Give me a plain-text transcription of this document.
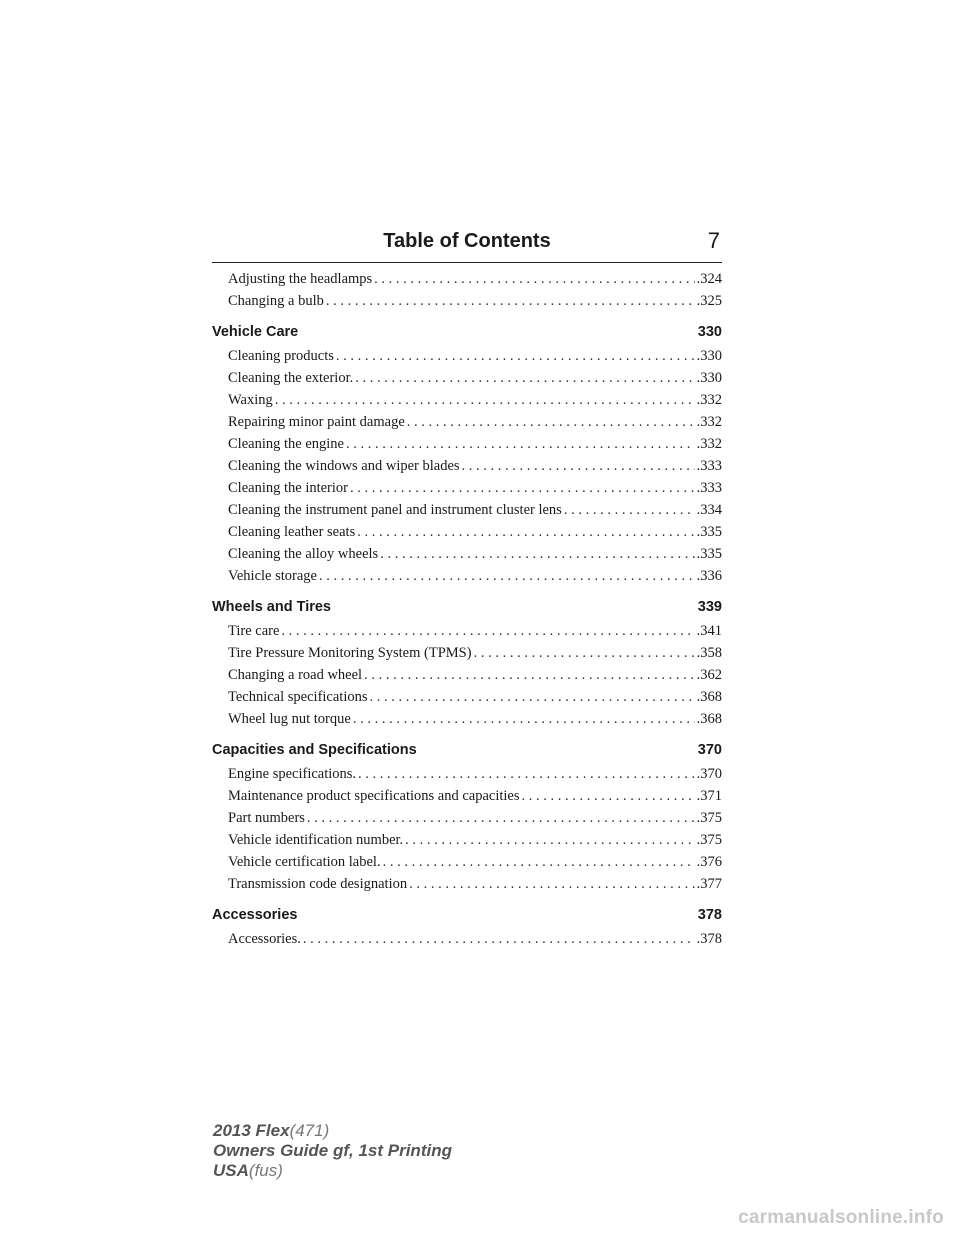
Table of Contents	7
Adjusting the headlamps . . .	.324
Changing a bulb . . .	.325
Vehicle Care	330
Cleaning products . . .	.330
Cleaning the exterior. . . .	.330
Waxing . . .	.332
Repairing minor paint damage . . .	.332
Cleaning the engine . . .	.332
Cleaning the windows and wiper blades . . .	.333
Cleaning the interior . . .	.333
Cleaning the instrument panel and instrument cluster lens . . .	.334
Cleaning leather seats . . .	.335
Cleaning the alloy wheels . . .	.335
Vehicle storage . . .	.336
Wheels and Tires	339
Tire care . . .	.341
Tire Pressure Monitoring System (TPMS) . . .	.358
Changing a road wheel . . .	.362
Technical specifications . . .	.368
Wheel lug nut torque . . .	.368
Capacities and Specifications	370
Engine specifications. . . .	.370
Maintenance product specifications and capacities . . .	.371
Part numbers . . .	.375
Vehicle identification number. . . .	.375
Vehicle certification label. . . .	.376
Transmission code designation . . .	.377
Accessories	378
Accessories. . . .	.378
2013 Flex(471)
Owners Guide gf, 1st Printing
USA(fus)
carmanualsonline.info
